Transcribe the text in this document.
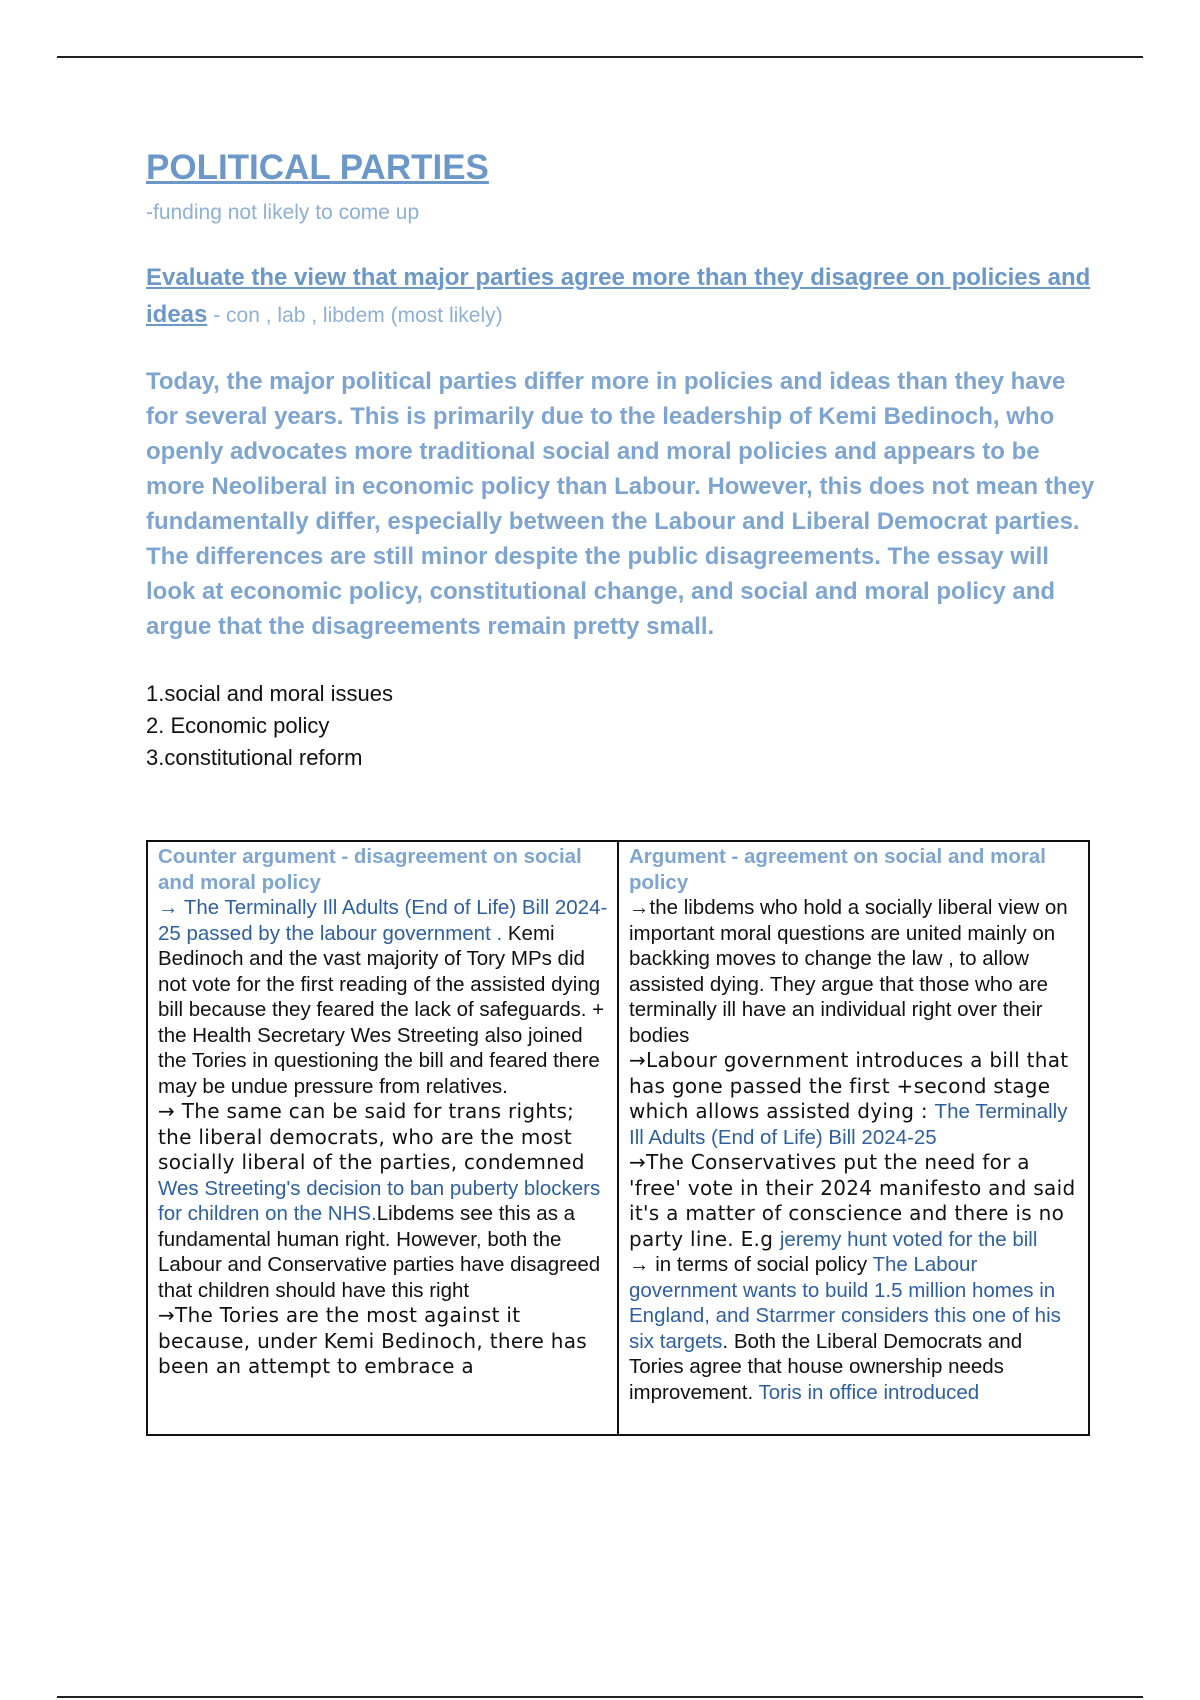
POLITICAL PARTIES

-funding not likely to come up

Evaluate the view that major parties agree more than they disagree on policies and ideas - con , lab , libdem (most likely)

Today, the major political parties differ more in policies and ideas than they have for several years. This is primarily due to the leadership of Kemi Bedinoch, who openly advocates more traditional social and moral policies and appears to be more Neoliberal in economic policy than Labour. However, this does not mean they fundamentally differ, especially between the Labour and Liberal Democrat parties. The differences are still minor despite the public disagreements. The essay will look at economic policy, constitutional change, and social and moral policy and argue that the disagreements remain pretty small.

1.social and moral issues
2. Economic policy
3.constitutional reform
Counter argument - disagreement on social and moral policy
→ The Terminally Ill Adults (End of Life) Bill 2024-25 passed by the labour government . Kemi Bedinoch and the vast majority of Tory MPs did not vote for the first reading of the assisted dying bill because they feared the lack of safeguards. + the Health Secretary Wes Streeting also joined the Tories in questioning the bill and feared there may be undue pressure from relatives.
→ The same can be said for trans rights; the liberal democrats, who are the most socially liberal of the parties, condemned Wes Streeting's decision to ban puberty blockers for children on the NHS.Libdems see this as a fundamental human right. However, both the Labour and Conservative parties have disagreed that children should have this right
→The Tories are the most against it because, under Kemi Bedinoch, there has been an attempt to embrace a

Argument - agreement on social and moral policy
→the libdems who hold a socially liberal view on important moral questions are united mainly on backking moves to change the law , to allow assisted dying. They argue that those who are terminally ill have an individual right over their bodies
→Labour government introduces a bill that has gone passed the first +second stage which allows assisted dying : The Terminally Ill Adults (End of Life) Bill 2024-25
→The Conservatives put the need for a 'free' vote in their 2024 manifesto and said it's a matter of conscience and there is no party line. E.g jeremy hunt voted for the bill
→ in terms of social policy The Labour government wants to build 1.5 million homes in England, and Starrmer considers this one of his six targets. Both the Liberal Democrats and Tories agree that house ownership needs improvement. Toris in office introduced
